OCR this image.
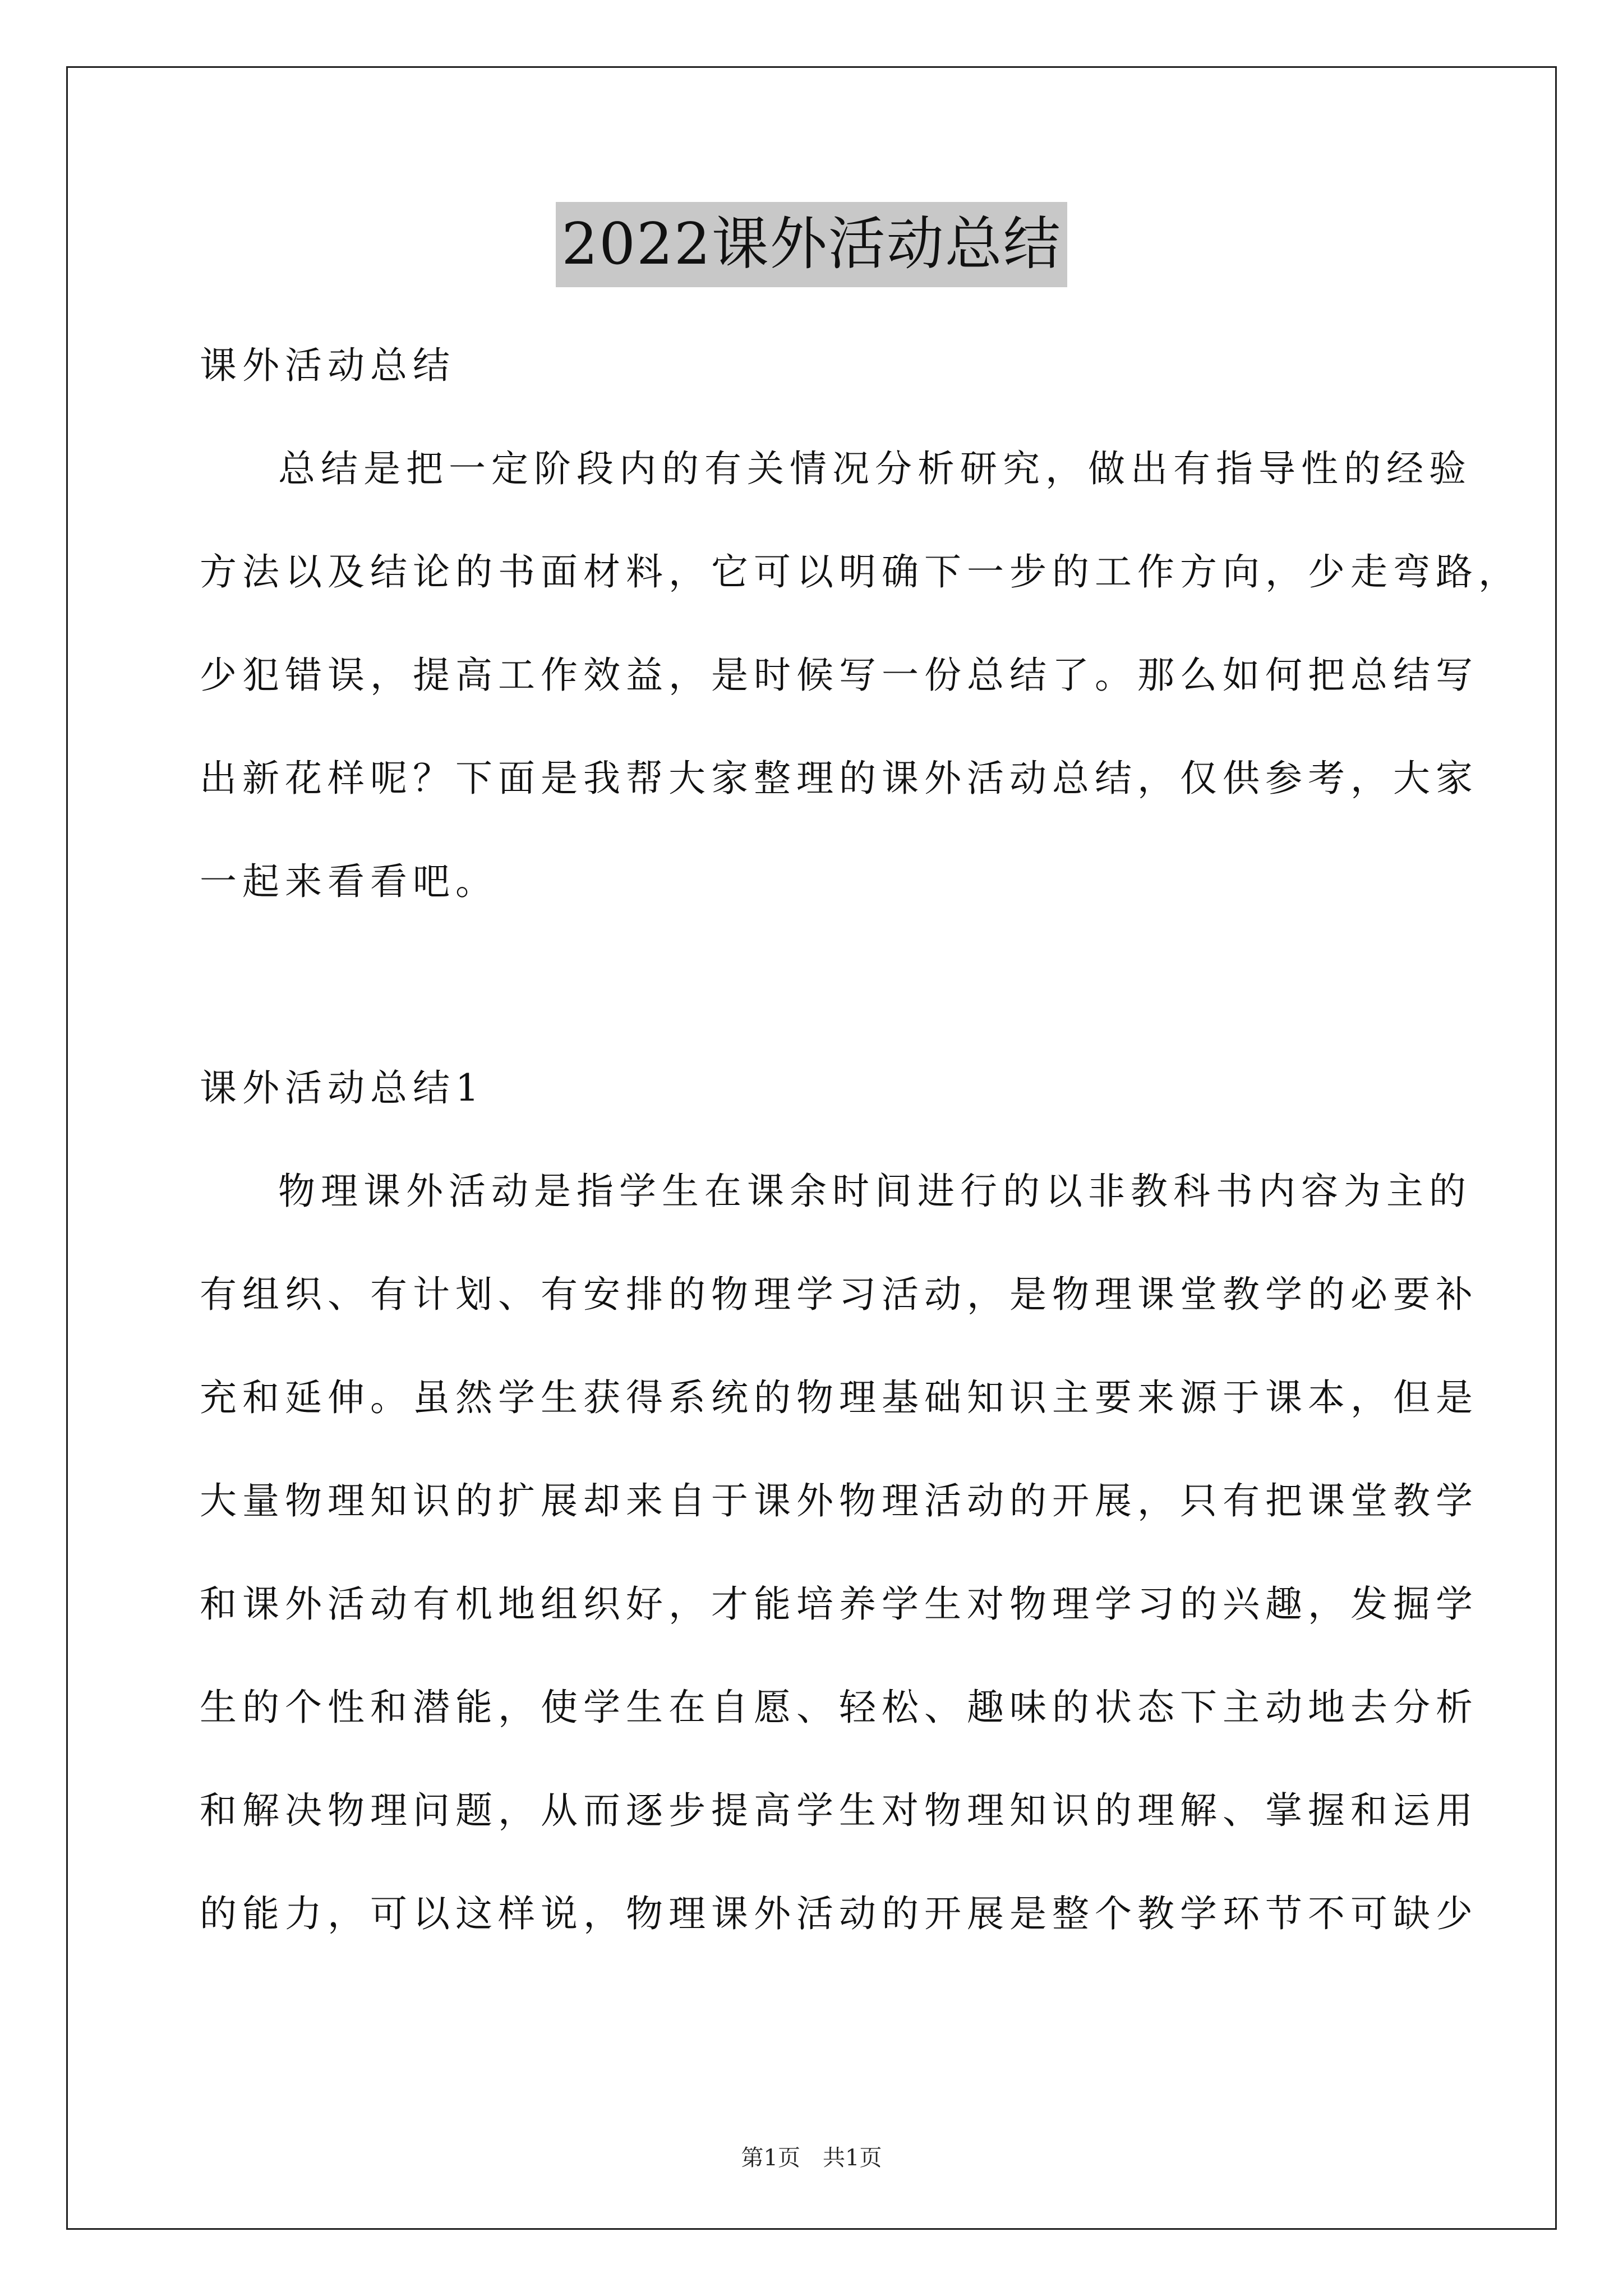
2022课外活动总结
课外活动总结
总结是把一定阶段内的有关情况分析研究，做出有指导性的经验
方法以及结论的书面材料，它可以明确下一步的工作方向，少走弯路，
少犯错误，提高工作效益，是时候写一份总结了。那么如何把总结写
出新花样呢？下面是我帮大家整理的课外活动总结，仅供参考，大家
一起来看看吧。
课外活动总结1
物理课外活动是指学生在课余时间进行的以非教科书内容为主的
有组织、有计划、有安排的物理学习活动，是物理课堂教学的必要补
充和延伸。虽然学生获得系统的物理基础知识主要来源于课本，但是
大量物理知识的扩展却来自于课外物理活动的开展，只有把课堂教学
和课外活动有机地组织好，才能培养学生对物理学习的兴趣，发掘学
生的个性和潜能，使学生在自愿、轻松、趣味的状态下主动地去分析
和解决物理问题，从而逐步提高学生对物理知识的理解、掌握和运用
的能力，可以这样说，物理课外活动的开展是整个教学环节不可缺少
第1页　共1页
